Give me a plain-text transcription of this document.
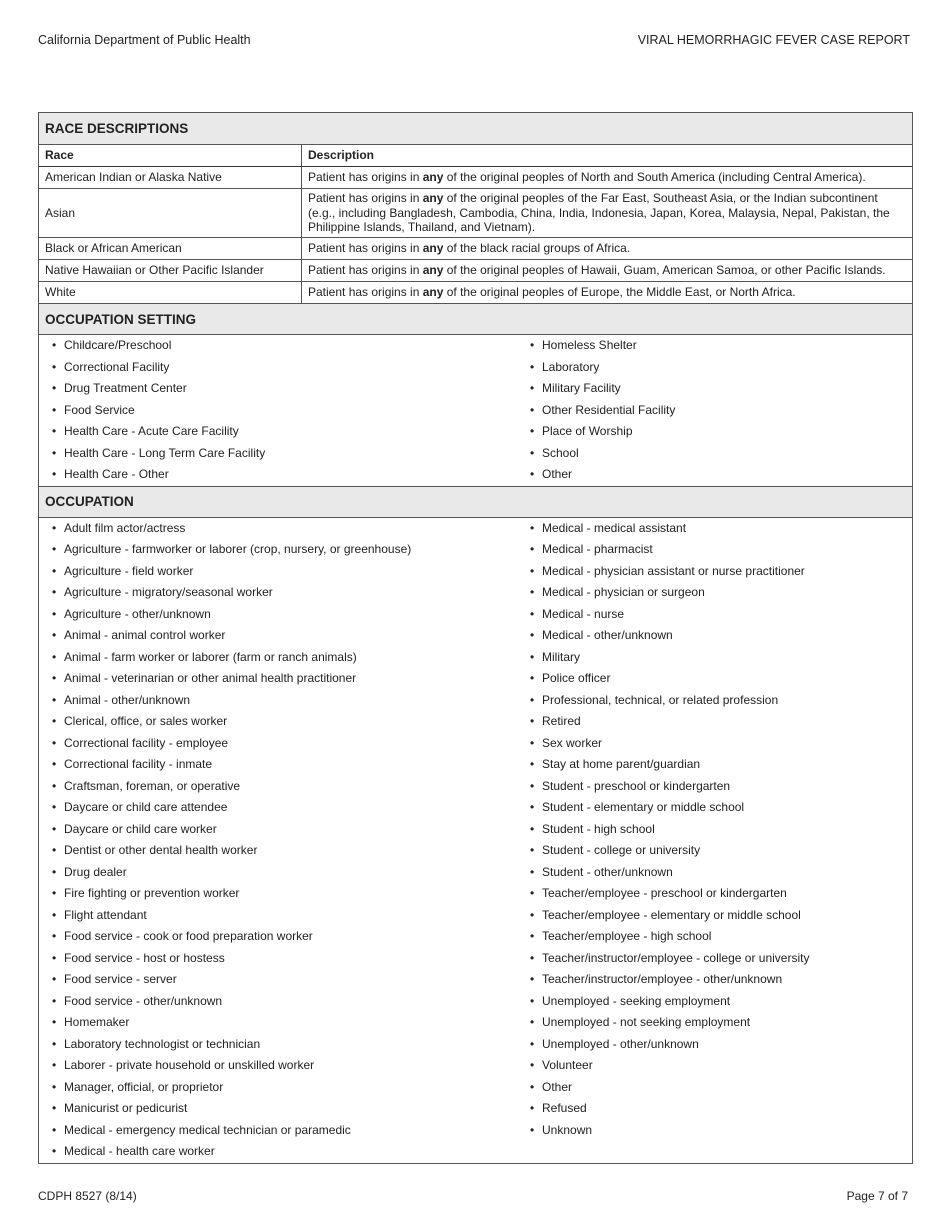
California Department of Public Health	VIRAL HEMORRHAGIC FEVER CASE REPORT
RACE DESCRIPTIONS
Race	Description
American Indian or Alaska Native	Patient has origins in any of the original peoples of North and South America (including Central America).
Asian	Patient has origins in any of the original peoples of the Far East, Southeast Asia, or the Indian subcontinent (e.g., including Bangladesh, Cambodia, China, India, Indonesia, Japan, Korea, Malaysia, Nepal, Pakistan, the Philippine Islands, Thailand, and Vietnam).
Black or African American	Patient has origins in any of the black racial groups of Africa.
Native Hawaiian or Other Pacific Islander	Patient has origins in any of the original peoples of Hawaii, Guam, American Samoa, or other Pacific Islands.
White	Patient has origins in any of the original peoples of Europe, the Middle East, or North Africa.
OCCUPATION SETTING
• Childcare/Preschool
• Correctional Facility
• Drug Treatment Center
• Food Service
• Health Care - Acute Care Facility
• Health Care - Long Term Care Facility
• Health Care - Other
• Homeless Shelter
• Laboratory
• Military Facility
• Other Residential Facility
• Place of Worship
• School
• Other
OCCUPATION
• Adult film actor/actress
• Agriculture - farmworker or laborer (crop, nursery, or greenhouse)
• Agriculture - field worker
• Agriculture - migratory/seasonal worker
• Agriculture - other/unknown
• Animal - animal control worker
• Animal - farm worker or laborer (farm or ranch animals)
• Animal - veterinarian or other animal health practitioner
• Animal - other/unknown
• Clerical, office, or sales worker
• Correctional facility - employee
• Correctional facility - inmate
• Craftsman, foreman, or operative
• Daycare or child care attendee
• Daycare or child care worker
• Dentist or other dental health worker
• Drug dealer
• Fire fighting or prevention worker
• Flight attendant
• Food service - cook or food preparation worker
• Food service - host or hostess
• Food service - server
• Food service - other/unknown
• Homemaker
• Laboratory technologist or technician
• Laborer - private household or unskilled worker
• Manager, official, or proprietor
• Manicurist or pedicurist
• Medical - emergency medical technician or paramedic
• Medical - health care worker
• Medical - medical assistant
• Medical - pharmacist
• Medical - physician assistant or nurse practitioner
• Medical - physician or surgeon
• Medical - nurse
• Medical - other/unknown
• Military
• Police officer
• Professional, technical, or related profession
• Retired
• Sex worker
• Stay at home parent/guardian
• Student - preschool or kindergarten
• Student - elementary or middle school
• Student - high school
• Student - college or university
• Student - other/unknown
• Teacher/employee - preschool or kindergarten
• Teacher/employee - elementary or middle school
• Teacher/employee - high school
• Teacher/instructor/employee - college or university
• Teacher/instructor/employee - other/unknown
• Unemployed - seeking employment
• Unemployed - not seeking employment
• Unemployed - other/unknown
• Volunteer
• Other
• Refused
• Unknown
CDPH 8527 (8/14)	Page 7 of 7
